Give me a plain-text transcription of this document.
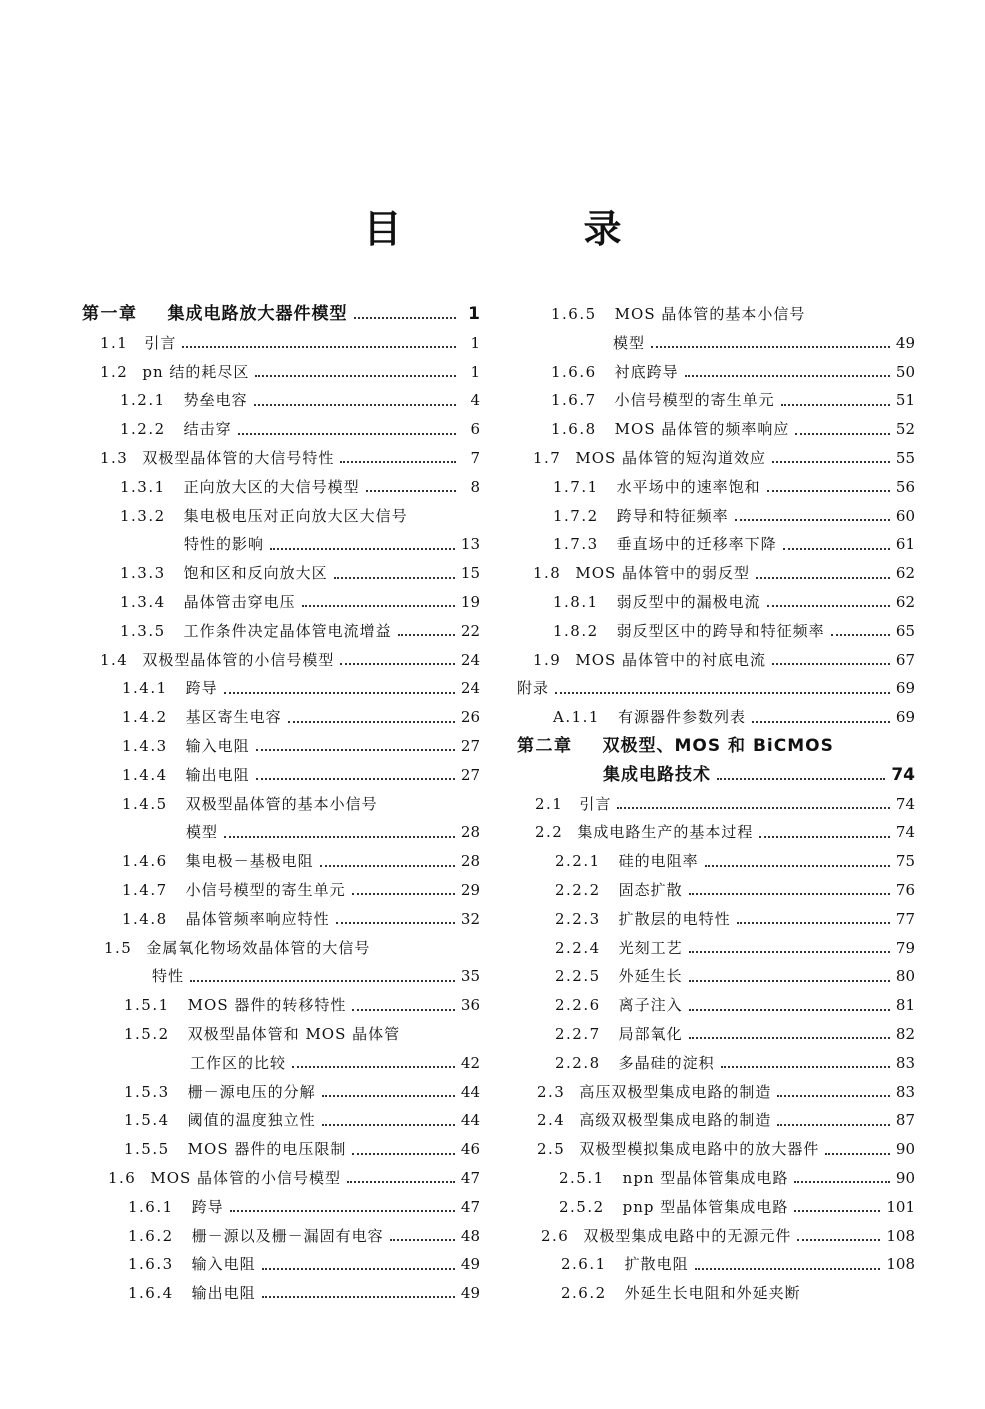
目　录
第一章 集成电路放大器件模型	1
1.1 引言	1
1.2 pn 结的耗尽区	1
1.2.1 势垒电容	4
1.2.2 结击穿	6
1.3 双极型晶体管的大信号特性	7
1.3.1 正向放大区的大信号模型	8
1.3.2 集电极电压对正向放大区大信号
特性的影响	13
1.3.3 饱和区和反向放大区	15
1.3.4 晶体管击穿电压	19
1.3.5 工作条件决定晶体管电流增益	22
1.4 双极型晶体管的小信号模型	24
1.4.1 跨导	24
1.4.2 基区寄生电容	26
1.4.3 输入电阻	27
1.4.4 输出电阻	27
1.4.5 双极型晶体管的基本小信号
模型	28
1.4.6 集电极－基极电阻	28
1.4.7 小信号模型的寄生单元	29
1.4.8 晶体管频率响应特性	32
1.5 金属氧化物场效晶体管的大信号
特性	35
1.5.1 MOS 器件的转移特性	36
1.5.2 双极型晶体管和 MOS 晶体管
工作区的比较	42
1.5.3 栅－源电压的分解	44
1.5.4 阈值的温度独立性	44
1.5.5 MOS 器件的电压限制	46
1.6 MOS 晶体管的小信号模型	47
1.6.1 跨导	47
1.6.2 栅－源以及栅－漏固有电容	48
1.6.3 输入电阻	49
1.6.4 输出电阻	49
1.6.5 MOS 晶体管的基本小信号
模型	49
1.6.6 衬底跨导	50
1.6.7 小信号模型的寄生单元	51
1.6.8 MOS 晶体管的频率响应	52
1.7 MOS 晶体管的短沟道效应	55
1.7.1 水平场中的速率饱和	56
1.7.2 跨导和特征频率	60
1.7.3 垂直场中的迁移率下降	61
1.8 MOS 晶体管中的弱反型	62
1.8.1 弱反型中的漏极电流	62
1.8.2 弱反型区中的跨导和特征频率	65
1.9 MOS 晶体管中的衬底电流	67
附录	69
A.1.1 有源器件参数列表	69
第二章 双极型、MOS 和 BiCMOS
集成电路技术	74
2.1 引言	74
2.2 集成电路生产的基本过程	74
2.2.1 硅的电阻率	75
2.2.2 固态扩散	76
2.2.3 扩散层的电特性	77
2.2.4 光刻工艺	79
2.2.5 外延生长	80
2.2.6 离子注入	81
2.2.7 局部氧化	82
2.2.8 多晶硅的淀积	83
2.3 高压双极型集成电路的制造	83
2.4 高级双极型集成电路的制造	87
2.5 双极型模拟集成电路中的放大器件	90
2.5.1 npn 型晶体管集成电路	90
2.5.2 pnp 型晶体管集成电路	101
2.6 双极型集成电路中的无源元件	108
2.6.1 扩散电阻	108
2.6.2 外延生长电阻和外延夹断
